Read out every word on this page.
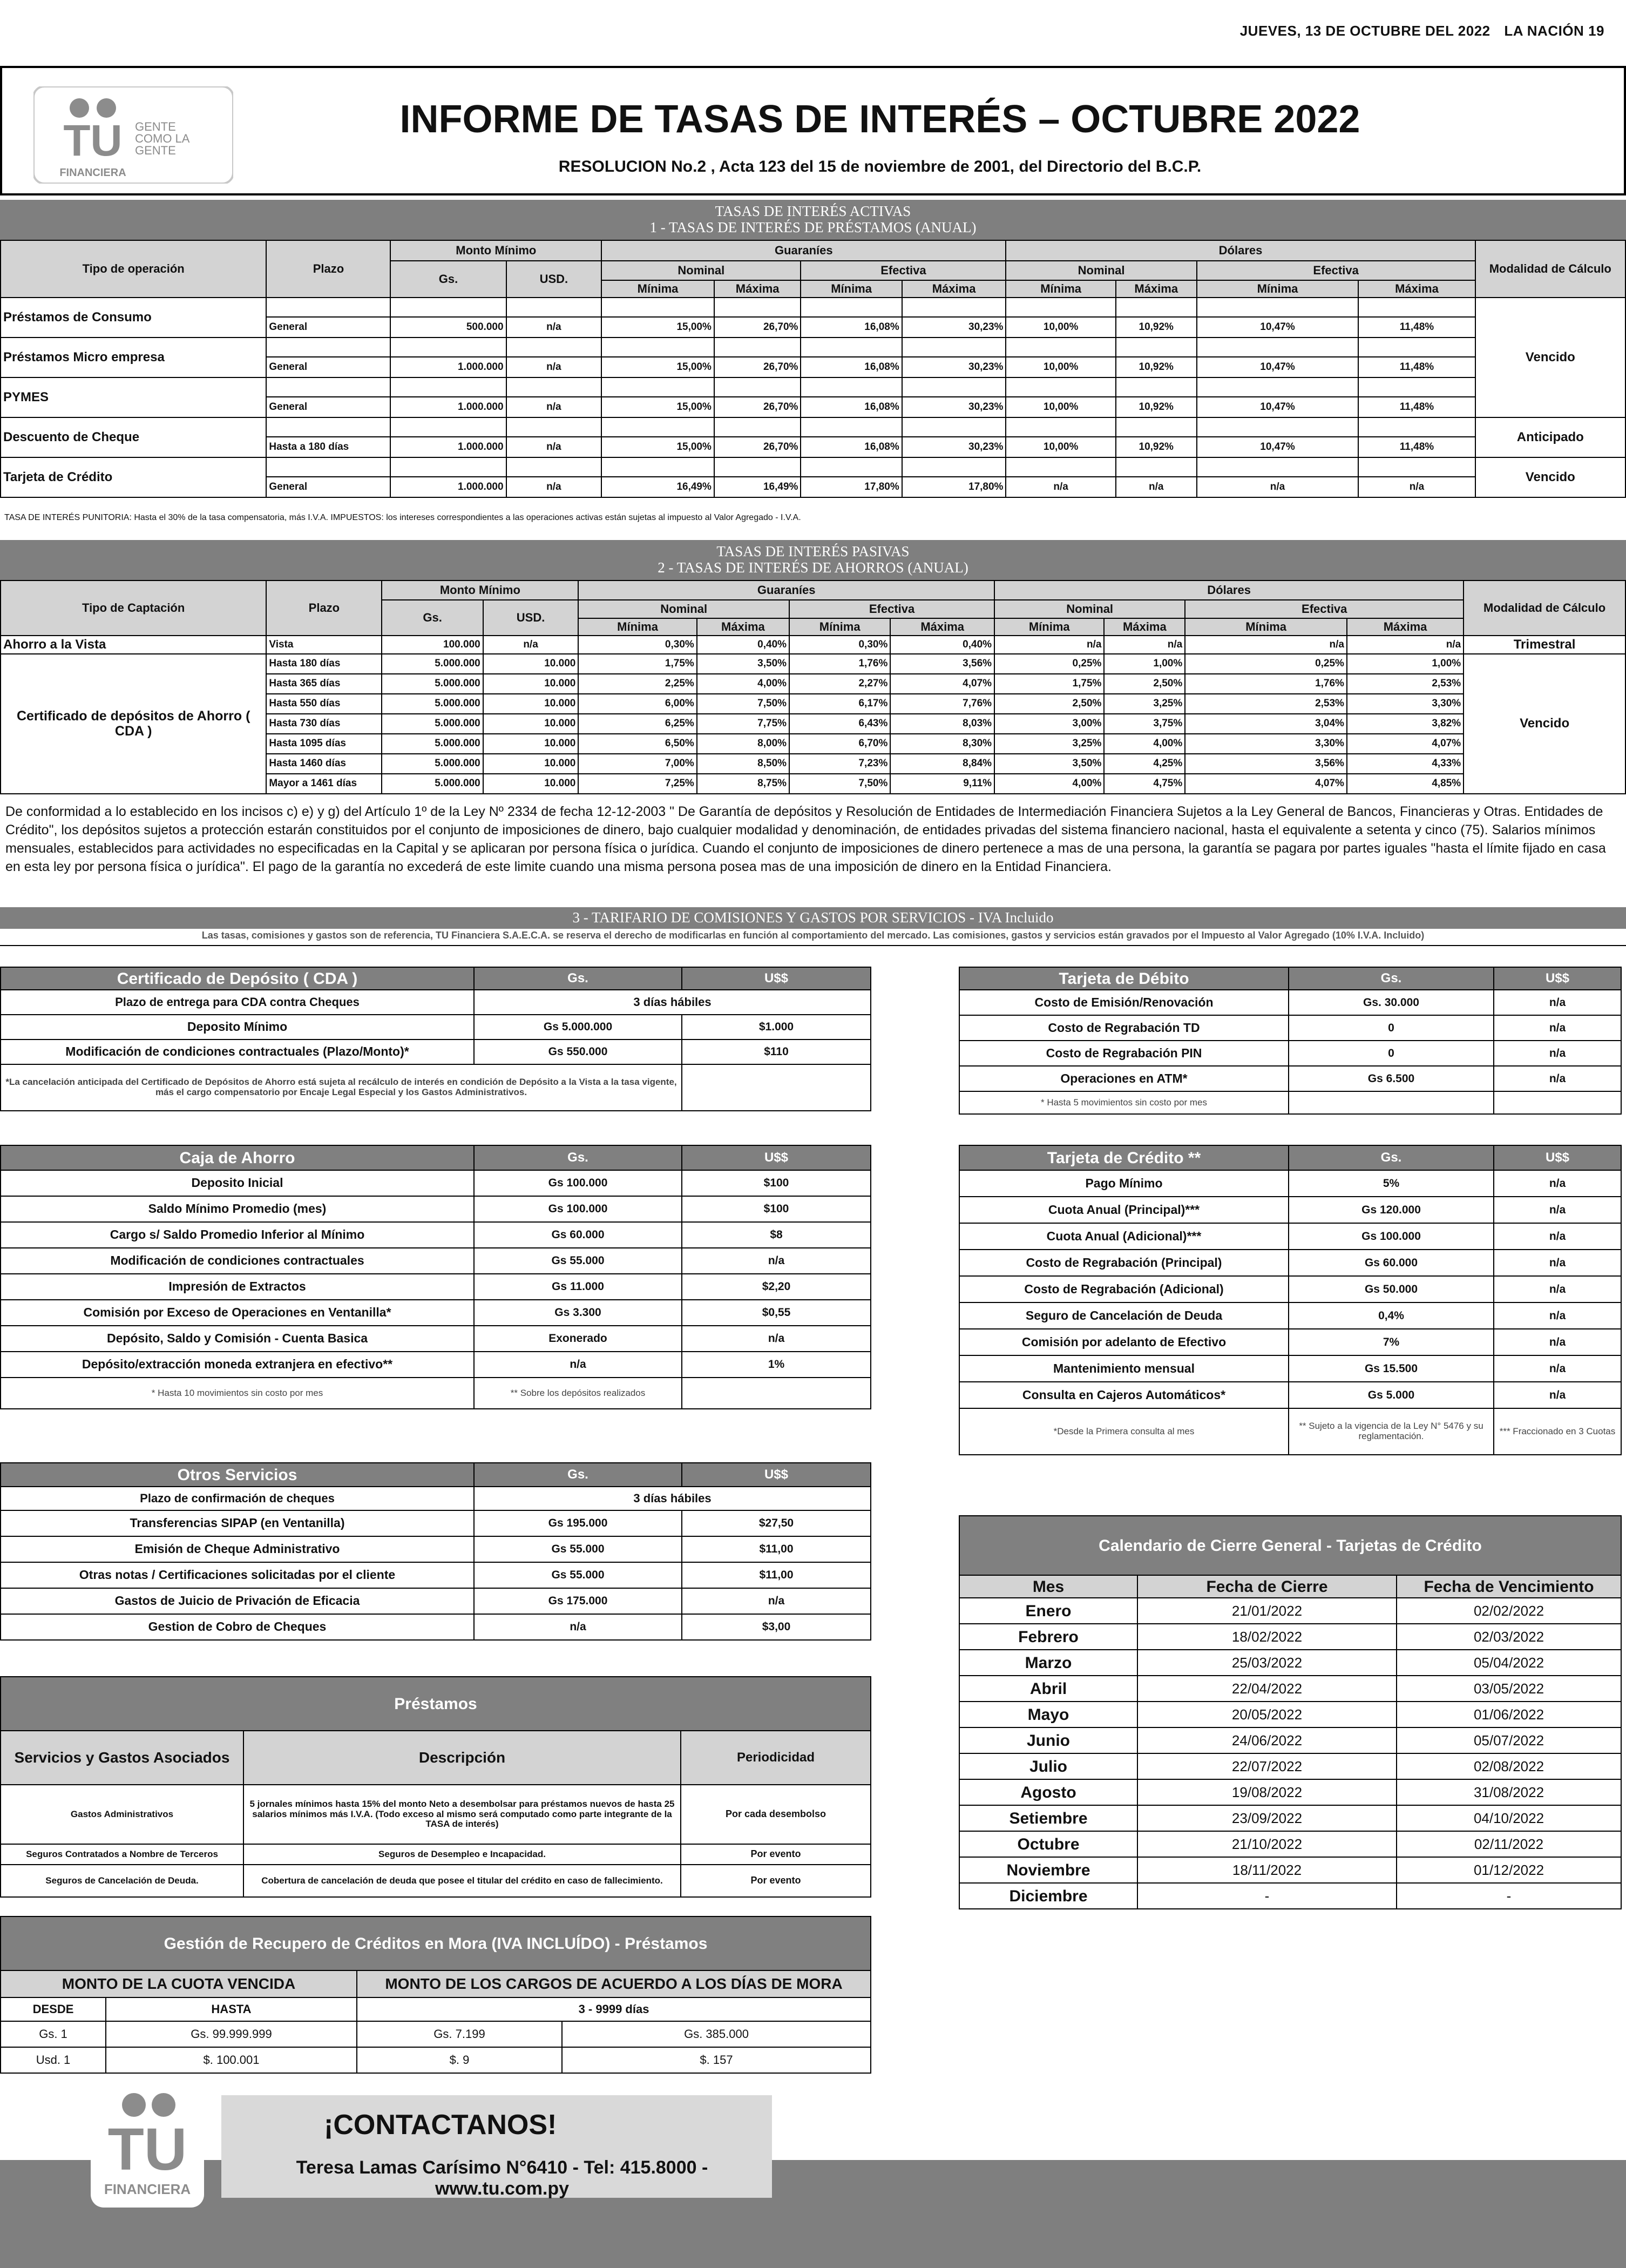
JUEVES, 13 DE OCTUBRE DEL 2022 LA NACIÓN 19
TU GENTE
COMO LA
GENTE
FINANCIERA
INFORME DE TASAS DE INTERÉS – OCTUBRE 2022
RESOLUCION No.2 , Acta 123 del 15 de noviembre de 2001, del Directorio del B.C.P.
TASAS DE INTERÉS ACTIVAS
1 - TASAS DE INTERÉS DE PRÉSTAMOS (ANUAL)
Tipo de operación	Plazo	Monto Mínimo		Guaraníes				Dólares				Modalidad de Cálculo
		Gs.	USD.	Nominal		Efectiva		Nominal		Efectiva		
				Mínima	Máxima	Mínima	Máxima	Mínima	Máxima	Mínima	Máxima	
Préstamos de Consumo												Vencido
	General	500.000	n/a	15,00%	26,70%	16,08%	30,23%	10,00%	10,92%	10,47%	11,48%	
Préstamos Micro empresa												
	General	1.000.000	n/a	15,00%	26,70%	16,08%	30,23%	10,00%	10,92%	10,47%	11,48%	
PYMES												
	General	1.000.000	n/a	15,00%	26,70%	16,08%	30,23%	10,00%	10,92%	10,47%	11,48%	
Descuento de Cheque												Anticipado
	Hasta a 180 días	1.000.000	n/a	15,00%	26,70%	16,08%	30,23%	10,00%	10,92%	10,47%	11,48%	
Tarjeta de Crédito												Vencido
	General	1.000.000	n/a	16,49%	16,49%	17,80%	17,80%	n/a	n/a	n/a	n/a	
TASA DE INTERÉS PUNITORIA: Hasta el 30% de la tasa compensatoria, más I.V.A. IMPUESTOS: los intereses correspondientes a las operaciones activas están sujetas al impuesto al Valor Agregado - I.V.A.
TASAS DE INTERÉS PASIVAS
2 - TASAS DE INTERÉS DE AHORROS (ANUAL)
Tipo de Captación	Plazo	Monto Mínimo		Guaraníes				Dólares				Modalidad de Cálculo
		Gs.	USD.	Nominal		Efectiva		Nominal		Efectiva		
				Mínima	Máxima	Mínima	Máxima	Mínima	Máxima	Mínima	Máxima	
Ahorro a la Vista	Vista	100.000	n/a	0,30%	0,40%	0,30%	0,40%	n/a	n/a	n/a	n/a	Trimestral
Certificado de depósitos de Ahorro ( CDA )	Hasta 180 días	5.000.000	10.000	1,75%	3,50%	1,76%	3,56%	0,25%	1,00%	0,25%	1,00%	Vencido
	Hasta 365 días	5.000.000	10.000	2,25%	4,00%	2,27%	4,07%	1,75%	2,50%	1,76%	2,53%	
	Hasta 550 días	5.000.000	10.000	6,00%	7,50%	6,17%	7,76%	2,50%	3,25%	2,53%	3,30%	
	Hasta 730 días	5.000.000	10.000	6,25%	7,75%	6,43%	8,03%	3,00%	3,75%	3,04%	3,82%	
	Hasta 1095 días	5.000.000	10.000	6,50%	8,00%	6,70%	8,30%	3,25%	4,00%	3,30%	4,07%	
	Hasta 1460 días	5.000.000	10.000	7,00%	8,50%	7,23%	8,84%	3,50%	4,25%	3,56%	4,33%	
	Mayor a 1461 días	5.000.000	10.000	7,25%	8,75%	7,50%	9,11%	4,00%	4,75%	4,07%	4,85%	
De conformidad a lo establecido en los incisos c) e) y g) del Artículo 1º de la Ley Nº 2334 de fecha 12-12-2003 " De Garantía de depósitos y Resolución de Entidades de Intermediación Financiera Sujetos a la Ley General de Bancos, Financieras y Otras. Entidades de Crédito", los depósitos sujetos a protección estarán constituidos por el conjunto de imposiciones de dinero, bajo cualquier modalidad y denominación, de entidades privadas del sistema financiero nacional, hasta el equivalente a setenta y cinco (75). Salarios mínimos mensuales, establecidos para actividades no especificadas en la Capital y se aplicaran por persona física o jurídica. Cuando el conjunto de imposiciones de dinero pertenece a mas de una persona, la garantía se pagara por partes iguales "hasta el límite fijado en casa en esta ley por persona física o jurídica". El pago de la garantía no excederá de este limite cuando una misma persona posea mas de una imposición de dinero en la Entidad Financiera.
3 - TARIFARIO DE COMISIONES Y GASTOS POR SERVICIOS - IVA Incluido
Las tasas, comisiones y gastos son de referencia, TU Financiera S.A.E.C.A. se reserva el derecho de modificarlas en función al comportamiento del mercado. Las comisiones, gastos y servicios están gravados por el Impuesto al Valor Agregado (10% I.V.A. Incluido)
Certificado de Depósito ( CDA )	Gs.	U$$
Plazo de entrega para CDA contra Cheques	3 días hábiles	
Deposito Mínimo	Gs 5.000.000	$1.000
Modificación de condiciones contractuales (Plazo/Monto)*	Gs 550.000	$110
*La cancelación anticipada del Certificado de Depósitos de Ahorro está sujeta al recálculo de interés en condición de Depósito a la Vista a la tasa vigente, más el cargo compensatorio por Encaje Legal Especial y los Gastos Administrativos.		
Tarjeta de Débito	Gs.	U$$
Costo de Emisión/Renovación	Gs. 30.000	n/a
Costo de Regrabación TD	0	n/a
Costo de Regrabación PIN	0	n/a
Operaciones en ATM*	Gs 6.500	n/a
* Hasta 5 movimientos sin costo por mes		
Caja de Ahorro	Gs.	U$$
Deposito Inicial	Gs 100.000	$100
Saldo Mínimo Promedio (mes)	Gs 100.000	$100
Cargo s/ Saldo Promedio Inferior al Mínimo	Gs 60.000	$8
Modificación de condiciones contractuales	Gs 55.000	n/a
Impresión de Extractos	Gs 11.000	$2,20
Comisión por Exceso de Operaciones en Ventanilla*	Gs 3.300	$0,55
Depósito, Saldo y Comisión - Cuenta Basica	Exonerado	n/a
Depósito/extracción moneda extranjera en efectivo**	n/a	1%
* Hasta 10 movimientos sin costo por mes	** Sobre los depósitos realizados	
Tarjeta de Crédito **	Gs.	U$$
Pago Mínimo	5%	n/a
Cuota Anual (Principal)***	Gs 120.000	n/a
Cuota Anual (Adicional)***	Gs 100.000	n/a
Costo de Regrabación (Principal)	Gs 60.000	n/a
Costo de Regrabación (Adicional)	Gs 50.000	n/a
Seguro de Cancelación de Deuda	0,4%	n/a
Comisión por adelanto de Efectivo	7%	n/a
Mantenimiento mensual	Gs 15.500	n/a
Consulta en Cajeros Automáticos*	Gs 5.000	n/a
*Desde la Primera consulta al mes	** Sujeto a la vigencia de la Ley N° 5476 y su reglamentación.	*** Fraccionado en 3 Cuotas
Otros Servicios	Gs.	U$$
Plazo de confirmación de cheques	3 días hábiles	
Transferencias SIPAP (en Ventanilla)	Gs 195.000	$27,50
Emisión de Cheque Administrativo	Gs 55.000	$11,00
Otras notas / Certificaciones solicitadas por el cliente	Gs 55.000	$11,00
Gastos de Juicio de Privación de Eficacia	Gs 175.000	n/a
Gestion de Cobro de Cheques	n/a	$3,00
Calendario de Cierre General - Tarjetas de Crédito		
Mes	Fecha de Cierre	Fecha de Vencimiento
Enero	21/01/2022	02/02/2022
Febrero	18/02/2022	02/03/2022
Marzo	25/03/2022	05/04/2022
Abril	22/04/2022	03/05/2022
Mayo	20/05/2022	01/06/2022
Junio	24/06/2022	05/07/2022
Julio	22/07/2022	02/08/2022
Agosto	19/08/2022	31/08/2022
Setiembre	23/09/2022	04/10/2022
Octubre	21/10/2022	02/11/2022
Noviembre	18/11/2022	01/12/2022
Diciembre	-	-
Préstamos		
Servicios y Gastos Asociados	Descripción	Periodicidad
Gastos Administrativos	5 jornales mínimos hasta 15% del monto Neto a desembolsar para préstamos nuevos de hasta 25 salarios mínimos más I.V.A. (Todo exceso al mismo será computado como parte integrante de la TASA de interés)	Por cada desembolso
Seguros Contratados a Nombre de Terceros	Seguros de Desempleo e Incapacidad.	Por evento
Seguros de Cancelación de Deuda.	Cobertura de cancelación de deuda que posee el titular del crédito en caso de fallecimiento.	Por evento
Gestión de Recupero de Créditos en Mora (IVA INCLUÍDO) - Préstamos			
MONTO DE LA CUOTA VENCIDA		MONTO DE LOS CARGOS DE ACUERDO A LOS DÍAS DE MORA	
DESDE	HASTA	3 - 9999 días	
Gs. 1	Gs. 99.999.999	Gs. 7.199	Gs. 385.000
Usd. 1	$. 100.001	$. 9	$. 157
TU
FINANCIERA
¡CONTACTANOS!
Teresa Lamas Carísimo N°6410 - Tel: 415.8000 - www.tu.com.py
